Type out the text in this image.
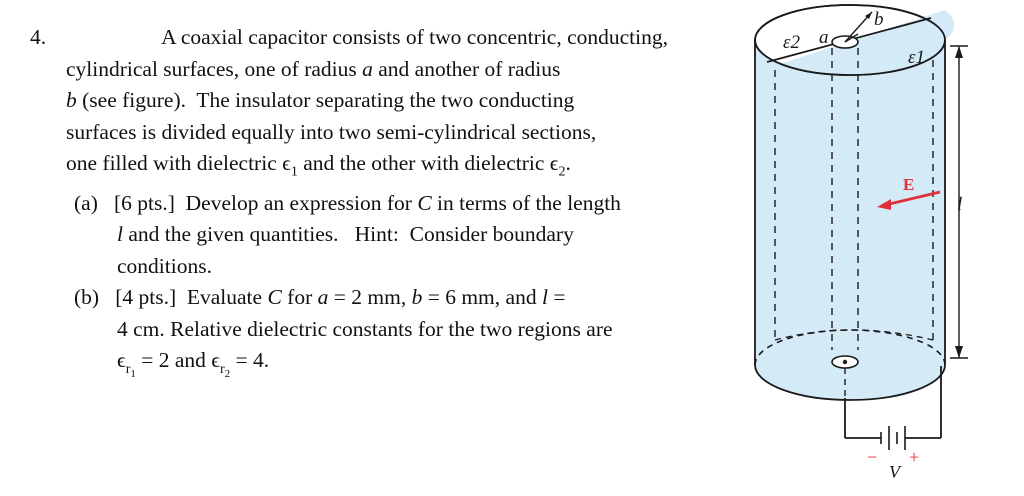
4.	A coaxial capacitor consists of two concentric, conducting,
cylindrical surfaces, one of radius a and another of radius
b (see figure).  The insulator separating the two conducting
surfaces is divided equally into two semi-cylindrical sections,
one filled with dielectric $\epsilon_1$ and the other with dielectric $\epsilon_2$.
(a)   [6 pts.]  Develop an expression for C in terms of the length
l and the given quantities.   Hint:  Consider boundary
conditions.
(b)   [4 pts.]  Evaluate C for a = 2 mm, b = 6 mm, and l =
4 cm. Relative dielectric constants for the two regions are
$\epsilon_{r_1} = 2$ and $\epsilon_{r_2} = 4$.
ε2 a
b
ε1
E
l
− +
V
